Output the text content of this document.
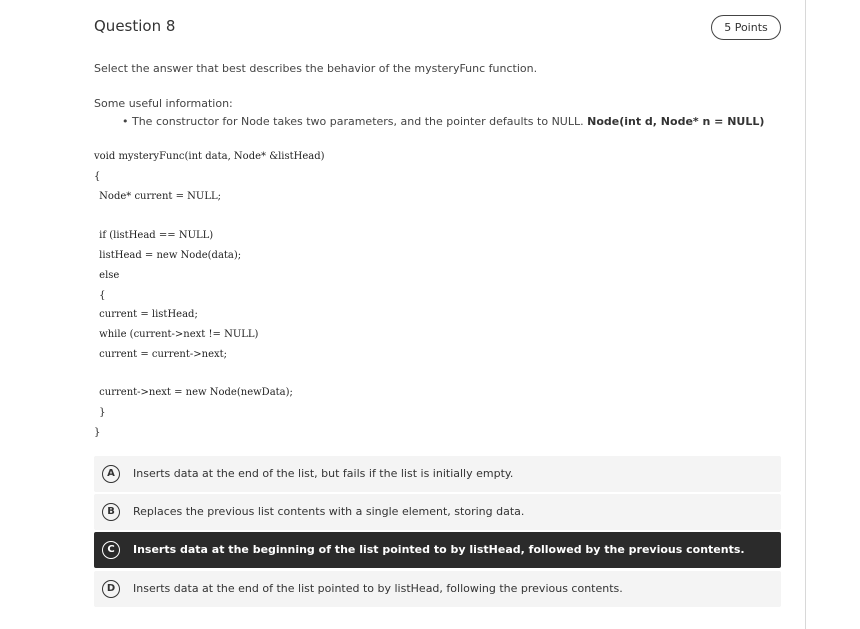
Question 8	5 Points
Select the answer that best describes the behavior of the mysteryFunc function.
Some useful information:
• The constructor for Node takes two parameters, and the pointer defaults to NULL. Node(int d, Node* n = NULL)
void mysteryFunc(int data, Node* &listHead)
{
Node* current = NULL;
if (listHead == NULL)
listHead = new Node(data);
else
{
current = listHead;
while (current->next != NULL)
current = current->next;
current->next = new Node(newData);
}
}
A	Inserts data at the end of the list, but fails if the list is initially empty.
B	Replaces the previous list contents with a single element, storing data.
C	Inserts data at the beginning of the list pointed to by listHead, followed by the previous contents.
D	Inserts data at the end of the list pointed to by listHead, following the previous contents.
